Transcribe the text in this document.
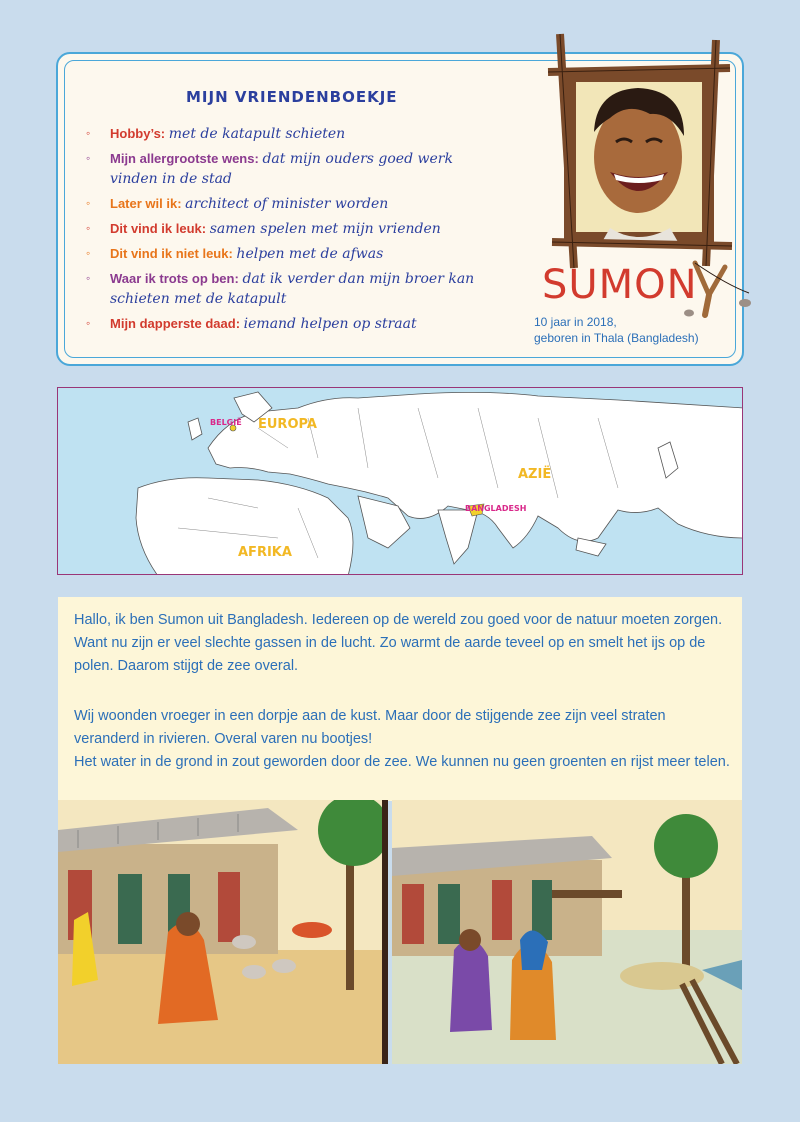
MIJN VRIENDENBOEKJE
◦ Hobby’s: met de katapult schieten
◦ Mijn allergrootste wens: dat mijn ouders goed werk vinden in de stad
◦ Later wil ik: architect of minister worden
◦ Dit vind ik leuk: samen spelen met mijn vrienden
◦ Dit vind ik niet leuk: helpen met de afwas
◦ Waar ik trots op ben: dat ik verder dan mijn broer kan schieten met de katapult
◦ Mijn dapperste daad: iemand helpen op straat
SUMON
10 jaar in 2018,
geboren in Thala (Bangladesh)
BELGIË EUROPA
AZIË
BANGLADESH
AFRIKA

Hallo, ik ben Sumon uit Bangladesh. Iedereen op de wereld zou goed voor de natuur moeten zorgen. Want nu zijn er veel slechte gassen in de lucht. Zo warmt de aarde teveel op en smelt het ijs op de polen. Daarom stijgt de zee overal.

Wij woonden vroeger in een dorpje aan de kust. Maar door de stijgende zee zijn veel straten veranderd in rivieren. Overal varen nu bootjes!

Het water in de grond in zout geworden door de zee. We kunnen nu geen groenten en rijst meer telen.
